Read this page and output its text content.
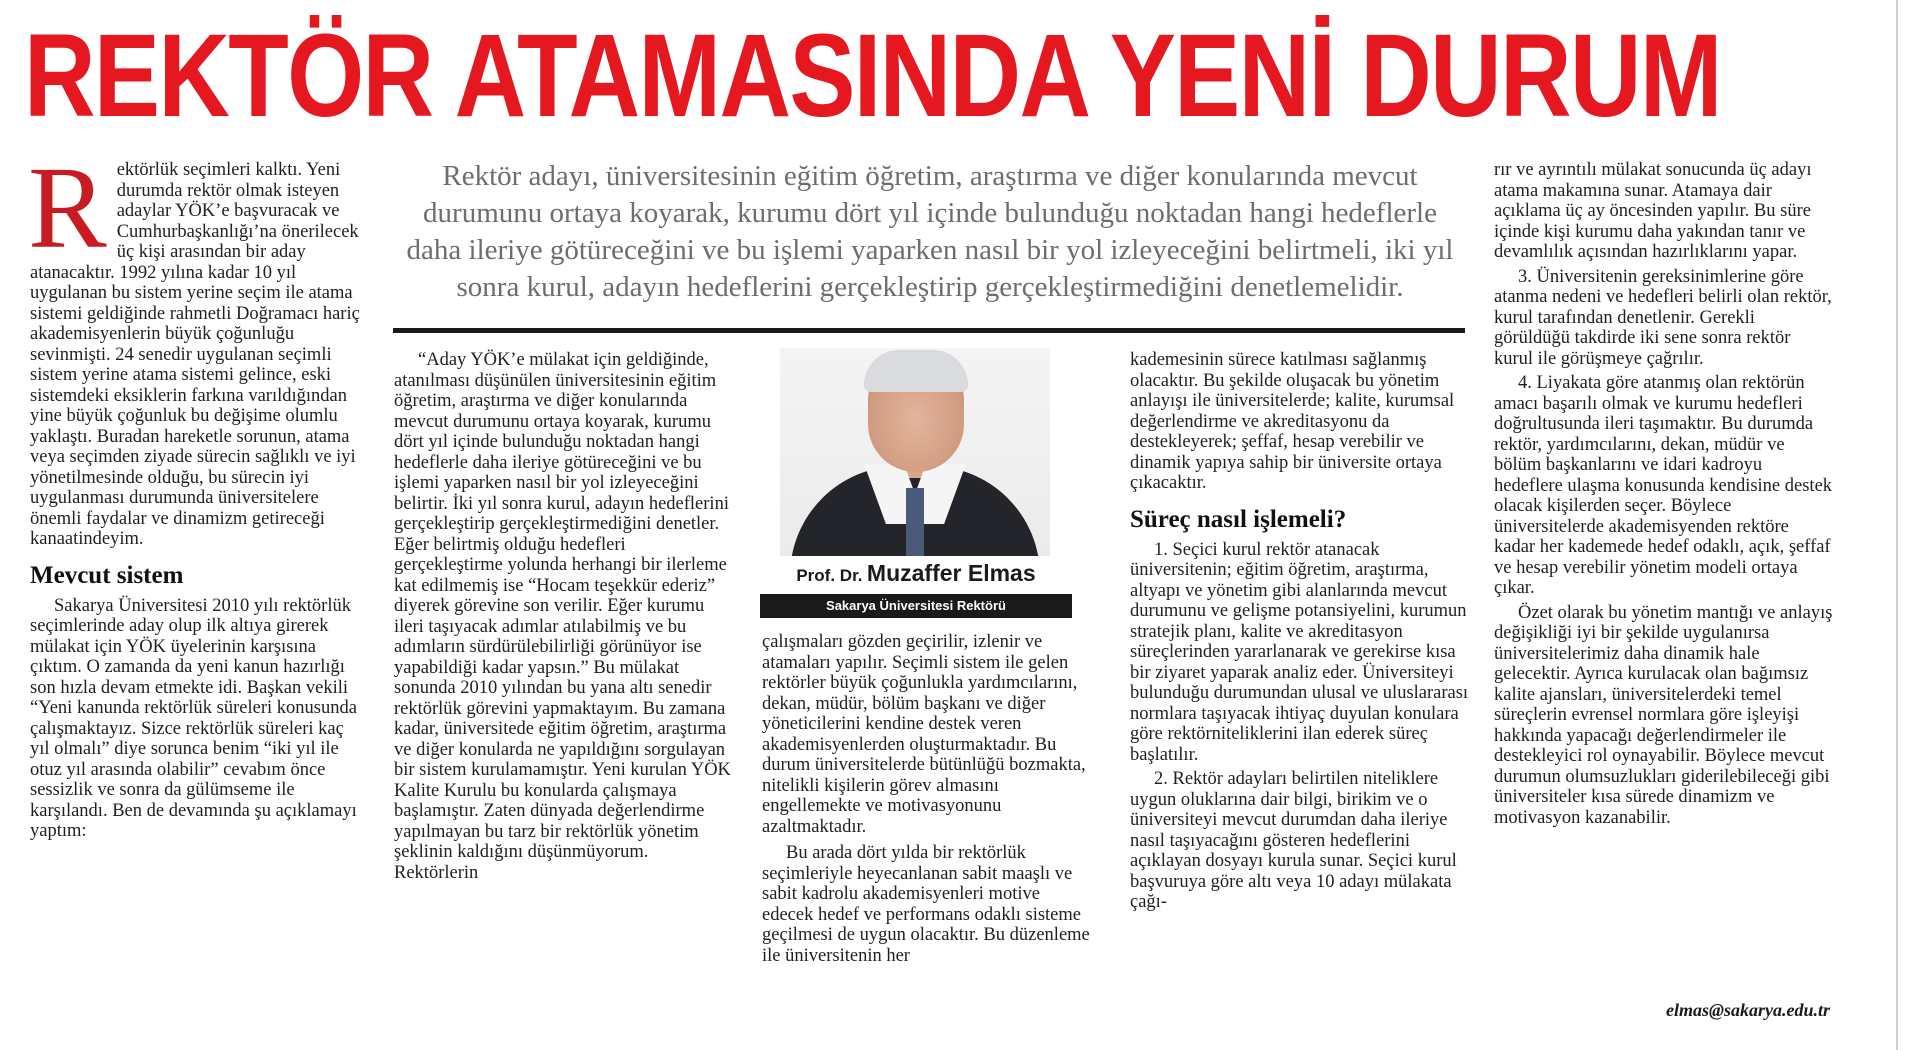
REKTÖR ATAMASINDA YENİ DURUM
R ektörlük seçimleri kalktı. Yeni durumda rektör olmak isteyen adaylar YÖK’e başvuracak ve Cumhurbaşkanlığı’na önerilecek üç kişi arasından bir aday atanacaktır. 1992 yılına kadar 10 yıl uygulanan bu sistem yerine seçim ile atama sistemi geldiğinde rahmetli Doğramacı hariç akademisyenlerin büyük çoğunluğu sevinmişti. 24 senedir uygulanan seçimli sistem yerine atama sistemi gelince, eski sistemdeki eksiklerin farkına varıldığından yine büyük çoğunluk bu değişime olumlu yaklaştı. Buradan hareketle sorunun, atama veya seçimden ziyade sürecin sağlıklı ve iyi yönetilmesinde olduğu, bu sürecin iyi uygulanması durumunda üniversitelere önemli faydalar ve dinamizm getireceği kanaatindeyim.

Mevcut sistem

Sakarya Üniversitesi 2010 yılı rektörlük seçimlerinde aday olup ilk altıya girerek mülakat için YÖK üyelerinin karşısına çıktım. O zamanda da yeni kanun hazırlığı son hızla devam etmekte idi. Başkan vekili “Yeni kanunda rektörlük süreleri konusunda çalışmaktayız. Sizce rektörlük süreleri kaç yıl olmalı” diye sorunca benim “iki yıl ile otuz yıl arasında olabilir” cevabım önce sessizlik ve sonra da gülümseme ile karşılandı. Ben de devamında şu açıklamayı yaptım:

Rektör adayı, üniversitesinin eğitim öğretim, araştırma ve diğer konularında mevcut durumunu ortaya koyarak, kurumu dört yıl içinde bulunduğu noktadan hangi hedeflerle daha ileriye götüreceğini ve bu işlemi yaparken nasıl bir yol izleyeceğini belirtmeli, iki yıl sonra kurul, adayın hedeflerini gerçekleştirip gerçekleştirmediğini denetlemelidir.

“Aday YÖK’e mülakat için geldiğinde, atanılması düşünülen üniversitesinin eğitim öğretim, araştırma ve diğer konularında mevcut durumunu ortaya koyarak, kurumu dört yıl içinde bulunduğu noktadan hangi hedeflerle daha ileriye götüreceğini ve bu işlemi yaparken nasıl bir yol izleyeceğini belirtir. İki yıl sonra kurul, adayın hedeflerini gerçekleştirip gerçekleştirmediğini denetler. Eğer belirtmiş olduğu hedefleri gerçekleştirme yolunda herhangi bir ilerleme kat edilmemiş ise “Hocam teşekkür ederiz” diyerek görevine son verilir. Eğer kurumu ileri taşıyacak adımlar atılabilmiş ve bu adımların sürdürülebilirliği görünüyor ise yapabildiği kadar yapsın.” Bu mülakat sonunda 2010 yılından bu yana altı senedir rektörlük görevini yapmaktayım. Bu zamana kadar, üniversitede eğitim öğretim, araştırma ve diğer konularda ne yapıldığını sorgulayan bir sistem kurulamamıştır. Yeni kurulan YÖK Kalite Kurulu bu konularda çalışmaya başlamıştır. Zaten dünyada değerlendirme yapılmayan bu tarz bir rektörlük yönetim şeklinin kaldığını düşünmüyorum. Rektörlerin

Prof. Dr. Muzaffer Elmas
Sakarya Üniversitesi Rektörü

çalışmaları gözden geçirilir, izlenir ve atamaları yapılır. Seçimli sistem ile gelen rektörler büyük çoğunlukla yardımcılarını, dekan, müdür, bölüm başkanı ve diğer yöneticilerini kendine destek veren akademisyenlerden oluşturmaktadır. Bu durum üniversitelerde bütünlüğü bozmakta, nitelikli kişilerin görev almasını engellemekte ve motivasyonunu azaltmaktadır.

Bu arada dört yılda bir rektörlük seçimleriyle heyecanlanan sabit maaşlı ve sabit kadrolu akademisyenleri motive edecek hedef ve performans odaklı sisteme geçilmesi de uygun olacaktır. Bu düzenleme ile üniversitenin her

kademesinin sürece katılması sağlanmış olacaktır. Bu şekilde oluşacak bu yönetim anlayışı ile üniversitelerde; kalite, kurumsal değerlendirme ve akreditasyonu da destekleyerek; şeffaf, hesap verebilir ve dinamik yapıya sahip bir üniversite ortaya çıkacaktır.

Süreç nasıl işlemeli?

1. Seçici kurul rektör atanacak üniversitenin; eğitim öğretim, araştırma, altyapı ve yönetim gibi alanlarında mevcut durumunu ve gelişme potansiyelini, kurumun stratejik planı, kalite ve akreditasyon süreçlerinden yararlanarak ve gerekirse kısa bir ziyaret yaparak analiz eder. Üniversiteyi bulunduğu durumundan ulusal ve uluslararası normlara taşıyacak ihtiyaç duyulan konulara göre rektörniteliklerini ilan ederek süreç başlatılır.

2. Rektör adayları belirtilen niteliklere uygun oluklarına dair bilgi, birikim ve o üniversiteyi mevcut durumdan daha ileriye nasıl taşıyacağını gösteren hedeflerini açıklayan dosyayı kurula sunar. Seçici kurul başvuruya göre altı veya 10 adayı mülakata çağı-

rır ve ayrıntılı mülakat sonucunda üç adayı atama makamına sunar. Atamaya dair açıklama üç ay öncesinden yapılır. Bu süre içinde kişi kurumu daha yakından tanır ve devamlılık açısından hazırlıklarını yapar.

3. Üniversitenin gereksinimlerine göre atanma nedeni ve hedefleri belirli olan rektör, kurul tarafından denetlenir. Gerekli görüldüğü takdirde iki sene sonra rektör kurul ile görüşmeye çağrılır.

4. Liyakata göre atanmış olan rektörün amacı başarılı olmak ve kurumu hedefleri doğrultusunda ileri taşımaktır. Bu durumda rektör, yardımcılarını, dekan, müdür ve bölüm başkanlarını ve idari kadroyu hedeflere ulaşma konusunda kendisine destek olacak kişilerden seçer. Böylece üniversitelerde akademisyenden rektöre kadar her kademede hedef odaklı, açık, şeffaf ve hesap verebilir yönetim modeli ortaya çıkar.

Özet olarak bu yönetim mantığı ve anlayış değişikliği iyi bir şekilde uygulanırsa üniversitelerimiz daha dinamik hale gelecektir. Ayrıca kurulacak olan bağımsız kalite ajansları, üniversitelerdeki temel süreçlerin evrensel normlara göre işleyişi hakkında yapacağı değerlendirmeler ile destekleyici rol oynayabilir. Böylece mevcut durumun olumsuzlukları giderilebileceği gibi üniversiteler kısa sürede dinamizm ve motivasyon kazanabilir.

elmas@sakarya.edu.tr
